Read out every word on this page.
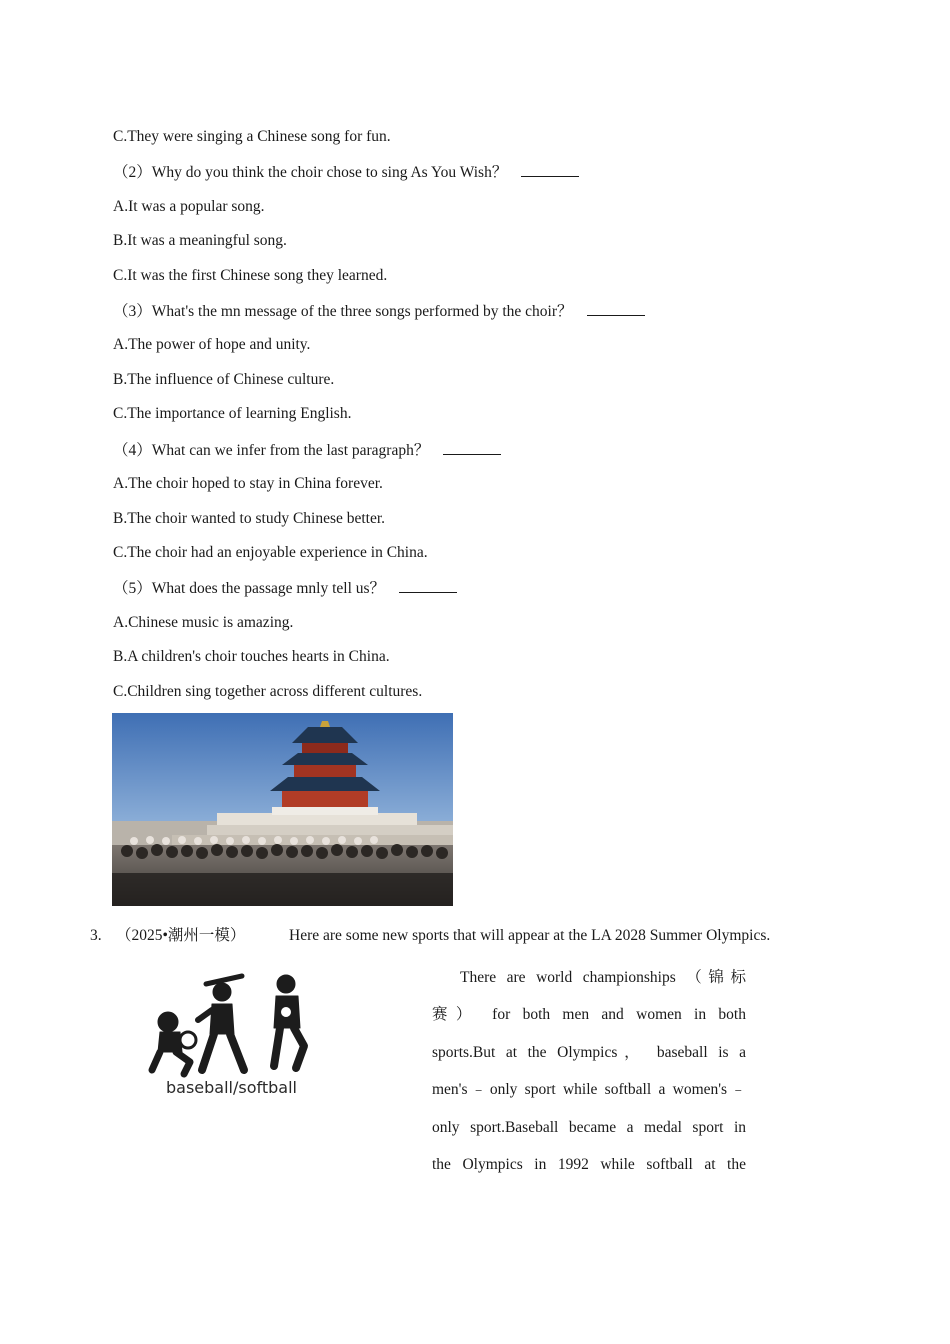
C.They were singing a Chinese song for fun.
（2）Why do you think the choir chose to sing As You Wish？
A.It was a popular song.
B.It was a meaningful song.
C.It was the first Chinese song they learned.
（3）What's the mn message of the three songs performed by the choir？
A.The power of hope and unity.
B.The influence of Chinese culture.
C.The importance of learning English.
（4）What can we infer from the last paragraph？
A.The choir hoped to stay in China forever.
B.The choir wanted to study Chinese better.
C.The choir had an enjoyable experience in China.
（5）What does the passage mnly tell us？
A.Chinese music is amazing.
B.A children's choir touches hearts in China.
C.Children sing together across different cultures.
3. （2025•潮州一模）	Here are some new sports that will appear at the LA 2028 Summer Olympics.
baseball/softball
There are world championships （锦标
赛） for both men and women in both
sports.But at the Olympics， baseball is a
men's﹣only sport while softball a women's﹣
only sport.Baseball became a medal sport in
the Olympics in 1992 while softball at the
